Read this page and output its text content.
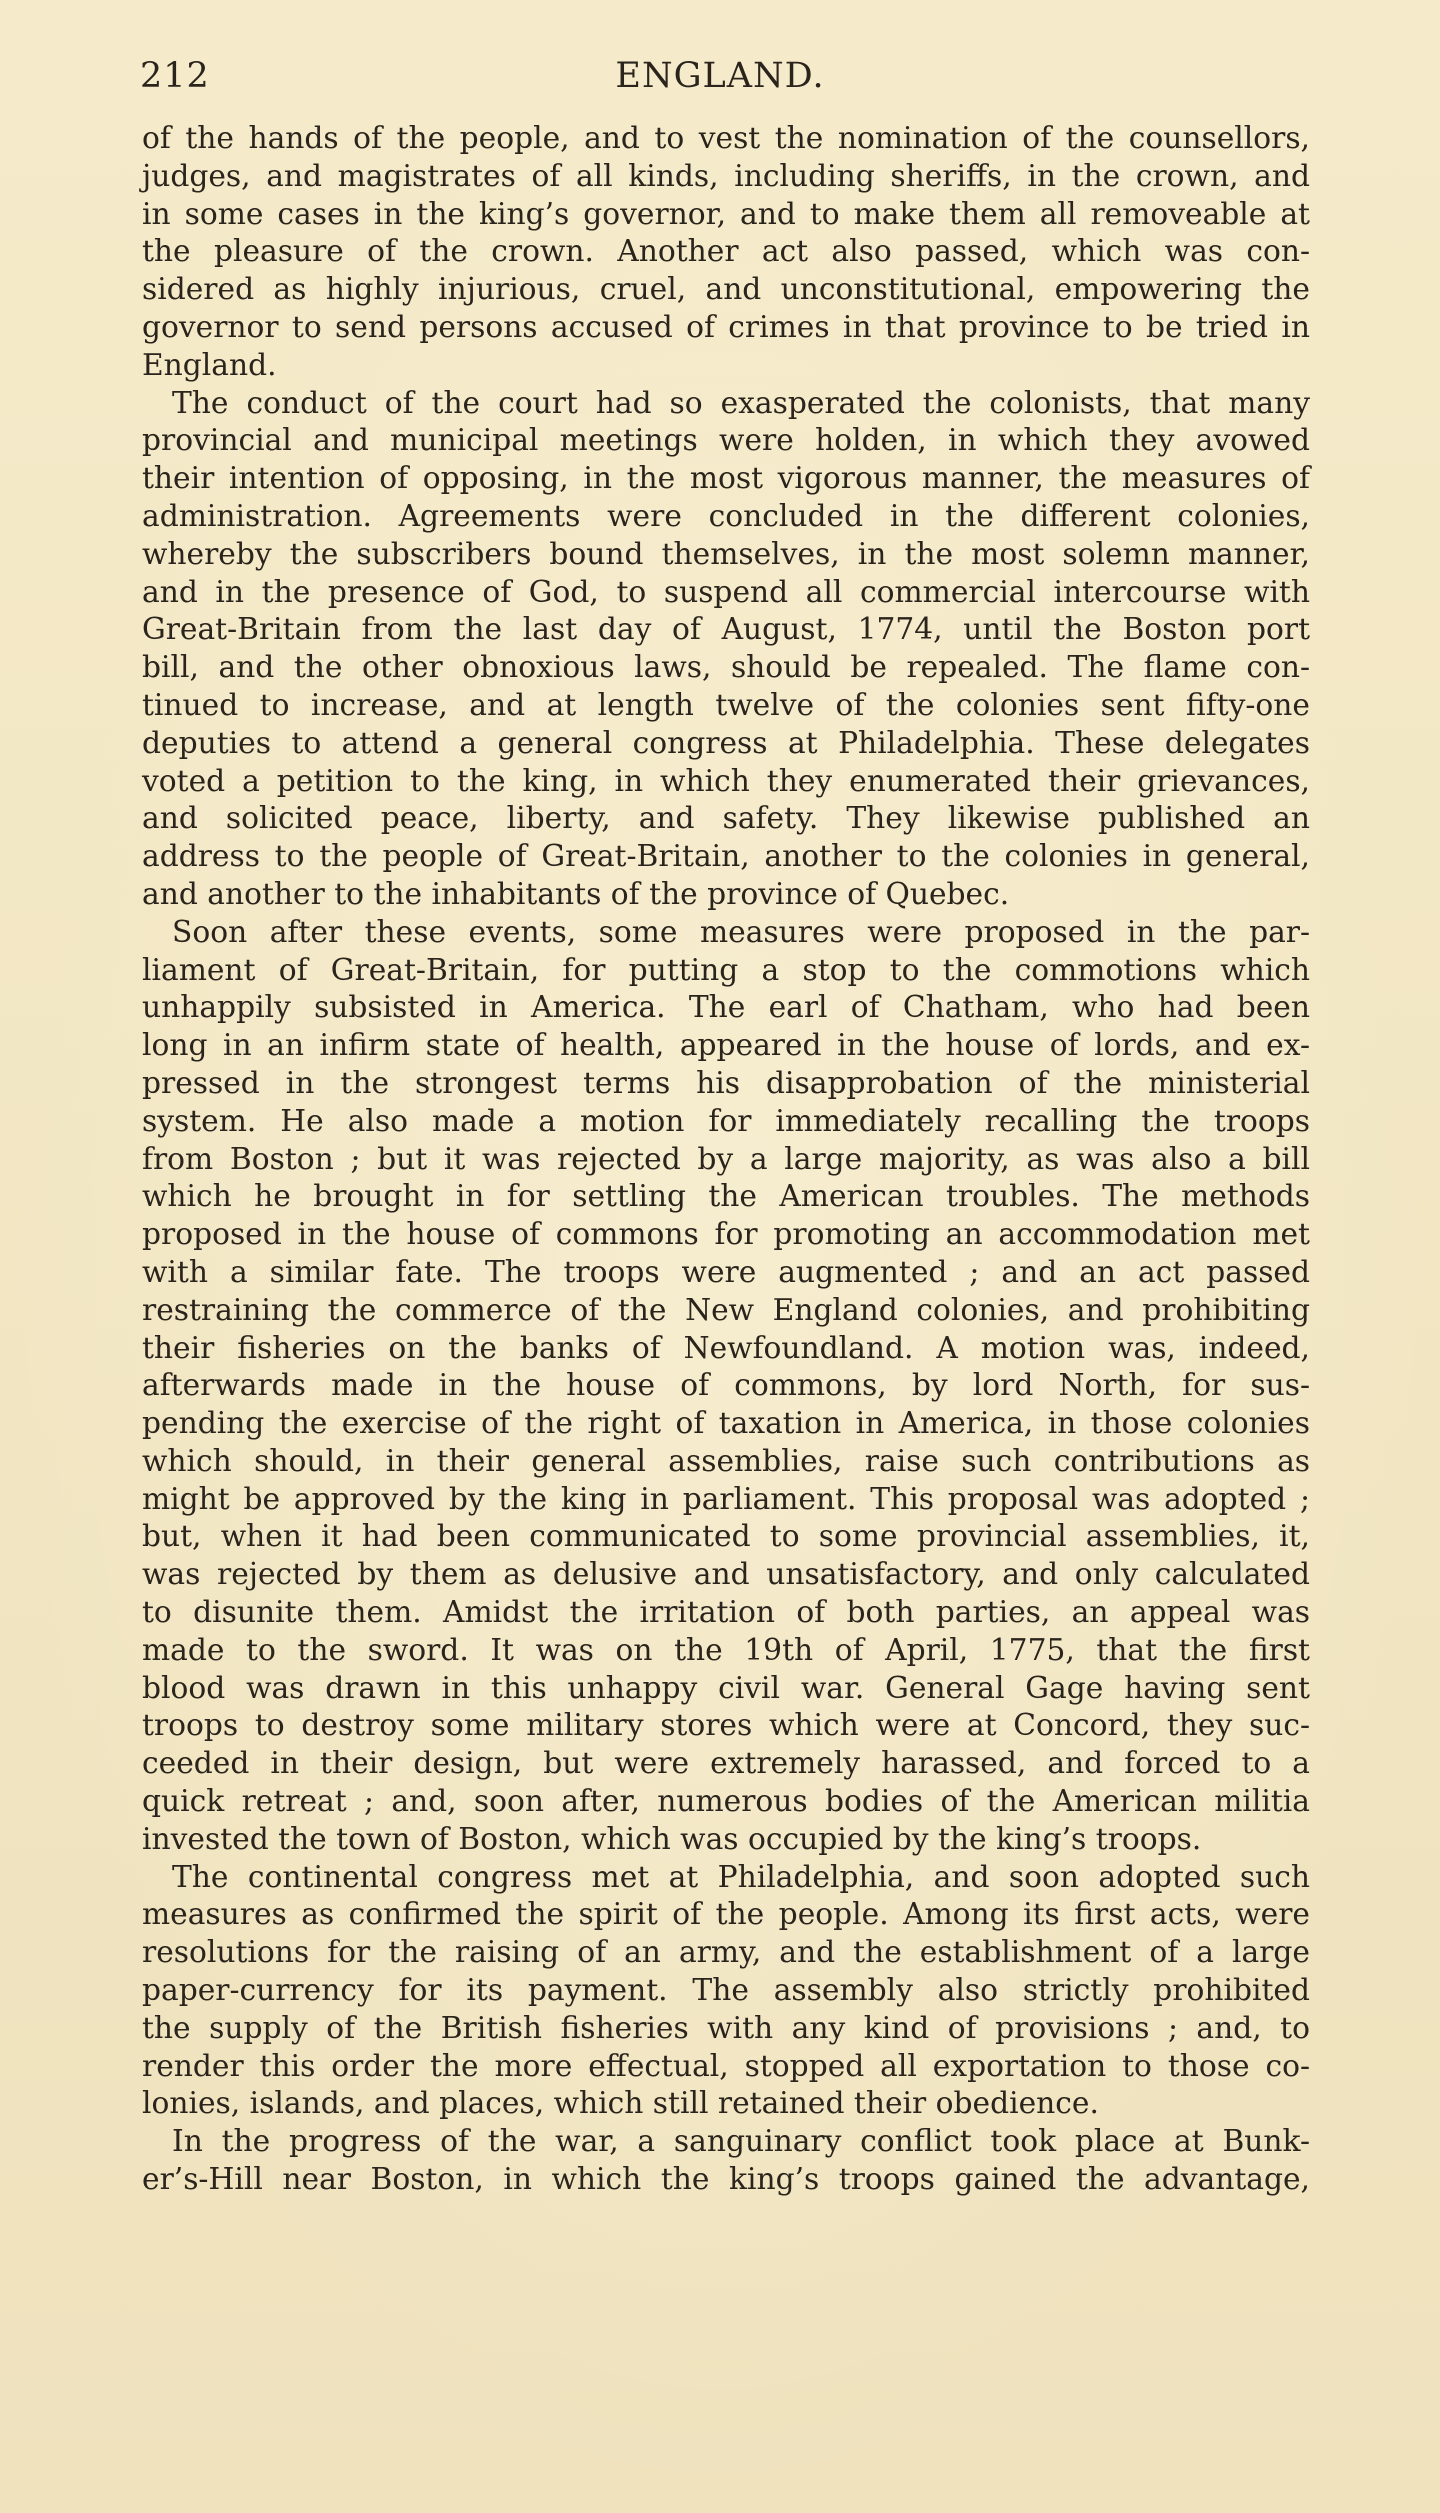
212	ENGLAND.
of the hands of the people, and to vest the nomination of the counsellors,
judges, and magistrates of all kinds, including sheriffs, in the crown, and
in some cases in the king’s governor, and to make them all removeable at
the pleasure of the crown. Another act also passed, which was con-
sidered as highly injurious, cruel, and unconstitutional, empowering the
governor to send persons accused of crimes in that province to be tried in
England.
The conduct of the court had so exasperated the colonists, that many
provincial and municipal meetings were holden, in which they avowed
their intention of opposing, in the most vigorous manner, the measures of
administration. Agreements were concluded in the different colonies,
whereby the subscribers bound themselves, in the most solemn manner,
and in the presence of God, to suspend all commercial intercourse with
Great-Britain from the last day of August, 1774, until the Boston port
bill, and the other obnoxious laws, should be repealed. The flame con-
tinued to increase, and at length twelve of the colonies sent fifty-one
deputies to attend a general congress at Philadelphia. These delegates
voted a petition to the king, in which they enumerated their grievances,
and solicited peace, liberty, and safety. They likewise published an
address to the people of Great-Britain, another to the colonies in general,
and another to the inhabitants of the province of Quebec.
Soon after these events, some measures were proposed in the par-
liament of Great-Britain, for putting a stop to the commotions which
unhappily subsisted in America. The earl of Chatham, who had been
long in an infirm state of health, appeared in the house of lords, and ex-
pressed in the strongest terms his disapprobation of the ministerial
system. He also made a motion for immediately recalling the troops
from Boston ; but it was rejected by a large majority, as was also a bill
which he brought in for settling the American troubles. The methods
proposed in the house of commons for promoting an accommodation met
with a similar fate. The troops were augmented ; and an act passed
restraining the commerce of the New England colonies, and prohibiting
their fisheries on the banks of Newfoundland. A motion was, indeed,
afterwards made in the house of commons, by lord North, for sus-
pending the exercise of the right of taxation in America, in those colonies
which should, in their general assemblies, raise such contributions as
might be approved by the king in parliament. This proposal was adopted ;
but, when it had been communicated to some provincial assemblies, it,
was rejected by them as delusive and unsatisfactory, and only calculated
to disunite them. Amidst the irritation of both parties, an appeal was
made to the sword. It was on the 19th of April, 1775, that the first
blood was drawn in this unhappy civil war. General Gage having sent
troops to destroy some military stores which were at Concord, they suc-
ceeded in their design, but were extremely harassed, and forced to a
quick retreat ; and, soon after, numerous bodies of the American militia
invested the town of Boston, which was occupied by the king’s troops.
The continental congress met at Philadelphia, and soon adopted such
measures as confirmed the spirit of the people. Among its first acts, were
resolutions for the raising of an army, and the establishment of a large
paper-currency for its payment. The assembly also strictly prohibited
the supply of the British fisheries with any kind of provisions ; and, to
render this order the more effectual, stopped all exportation to those co-
lonies, islands, and places, which still retained their obedience.
In the progress of the war, a sanguinary conflict took place at Bunk-
er’s-Hill near Boston, in which the king’s troops gained the advantage,
